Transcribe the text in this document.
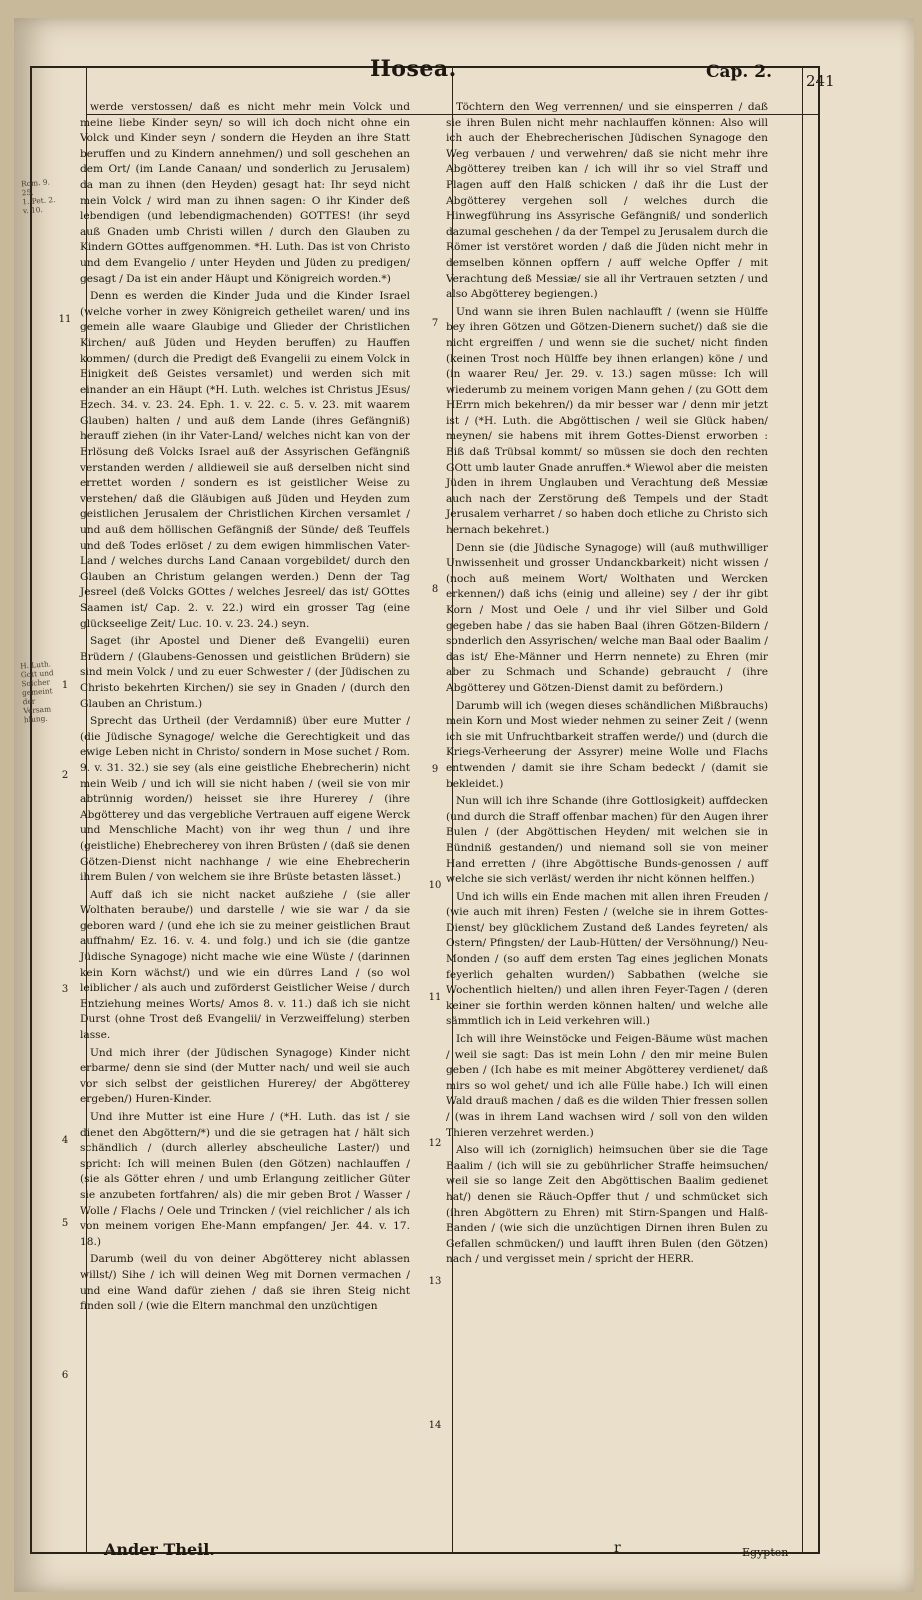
Hosea.	Cap. 2. 241
Rom. 9.
25.
1. Pet. 2. v. 10.
H. Luth.
Gott und
Solcher
gemeint der
Versam
hlung.
11
1
2
3
4
5
6

werde verstossen/ daß es nicht mehr mein Volck und meine liebe Kinder seyn/ so will ich doch nicht ohne ein Volck und Kinder seyn / sondern die Heyden an ihre Statt beruffen und zu Kindern annehmen/) und soll geschehen an dem Ort/ (im Lande Canaan/ und sonderlich zu Jerusalem) da man zu ihnen (den Heyden) gesagt hat: Ihr seyd nicht mein Volck / wird man zu ihnen sagen: O ihr Kinder deß lebendigen (und lebendigmachenden) GOTTES! (ihr seyd auß Gnaden umb Christi willen / durch den Glauben zu Kindern GOttes auffgenommen. *H. Luth. Das ist von Christo und dem Evangelio / unter Heyden und Jüden zu predigen/ gesagt / Da ist ein ander Häupt und Königreich worden.*)

Denn es werden die Kinder Juda und die Kinder Israel (welche vorher in zwey Königreich getheilet waren/ und ins gemein alle waare Glaubige und Glieder der Christlichen Kirchen/ auß Jüden und Heyden beruffen) zu Hauffen kommen/ (durch die Predigt deß Evangelii zu einem Volck in Einigkeit deß Geistes versamlet) und werden sich mit einander an ein Häupt (*H. Luth. welches ist Christus JEsus/ Ezech. 34. v. 23. 24. Eph. 1. v. 22. c. 5. v. 23. mit waarem Glauben) halten / und auß dem Lande (ihres Gefängniß) herauff ziehen (in ihr Vater-Land/ welches nicht kan von der Erlösung deß Volcks Israel auß der Assyrischen Gefängniß verstanden werden / alldieweil sie auß derselben nicht sind errettet worden / sondern es ist geistlicher Weise zu verstehen/ daß die Gläubigen auß Jüden und Heyden zum geistlichen Jerusalem der Christlichen Kirchen versamlet / und auß dem höllischen Gefängniß der Sünde/ deß Teuffels und deß Todes erlöset / zu dem ewigen himmlischen Vater-Land / welches durchs Land Canaan vorgebildet/ durch den Glauben an Christum gelangen werden.) Denn der Tag Jesreel (deß Volcks GOttes / welches Jesreel/ das ist/ GOttes Saamen ist/ Cap. 2. v. 22.) wird ein grosser Tag (eine glückseelige Zeit/ Luc. 10. v. 23. 24.) seyn.

Saget (ihr Apostel und Diener deß Evangelii) euren Brüdern / (Glaubens-Genossen und geistlichen Brüdern) sie sind mein Volck / und zu euer Schwester / (der Jüdischen zu Christo bekehrten Kirchen/) sie sey in Gnaden / (durch den Glauben an Christum.)

Sprecht das Urtheil (der Verdamniß) über eure Mutter / (die Jüdische Synagoge/ welche die Gerechtigkeit und das ewige Leben nicht in Christo/ sondern in Mose suchet / Rom. 9. v. 31. 32.) sie sey (als eine geistliche Ehebrecherin) nicht mein Weib / und ich will sie nicht haben / (weil sie von mir abtrünnig worden/) heisset sie ihre Hurerey / (ihre Abgötterey und das vergebliche Vertrauen auff eigene Werck und Menschliche Macht) von ihr weg thun / und ihre (geistliche) Ehebrecherey von ihren Brüsten / (daß sie denen Götzen-Dienst nicht nachhange / wie eine Ehebrecherin ihrem Bulen / von welchem sie ihre Brüste betasten lässet.)

Auff daß ich sie nicht nacket außziehe / (sie aller Wolthaten beraube/) und darstelle / wie sie war / da sie geboren ward / (und ehe ich sie zu meiner geistlichen Braut auffnahm/ Ez. 16. v. 4. und folg.) und ich sie (die gantze Jüdische Synagoge) nicht mache wie eine Wüste / (darinnen kein Korn wächst/) und wie ein dürres Land / (so wol leiblicher / als auch und zuförderst Geistlicher Weise / durch Entziehung meines Worts/ Amos 8. v. 11.) daß ich sie nicht Durst (ohne Trost deß Evangelii/ in Verzweiffelung) sterben lasse.

Und mich ihrer (der Jüdischen Synagoge) Kinder nicht erbarme/ denn sie sind (der Mutter nach/ und weil sie auch vor sich selbst der geistlichen Hurerey/ der Abgötterey ergeben/) Huren-Kinder.

Und ihre Mutter ist eine Hure / (*H. Luth. das ist / sie dienet den Abgöttern/*) und die sie getragen hat / hält sich schändlich / (durch allerley abscheuliche Laster/) und spricht: Ich will meinen Bulen (den Götzen) nachlauffen / (sie als Götter ehren / und umb Erlangung zeitlicher Güter sie anzubeten fortfahren/ als) die mir geben Brot / Wasser / Wolle / Flachs / Oele und Trincken / (viel reichlicher / als ich von meinem vorigen Ehe-Mann empfangen/ Jer. 44. v. 17. 18.)

Darumb (weil du von deiner Abgötterey nicht ablassen willst/) Sihe / ich will deinen Weg mit Dornen vermachen / und eine Wand dafür ziehen / daß sie ihren Steig nicht finden soll / (wie die Eltern manchmal den unzüchtigen

7
8
9
10
11
12
13
14

Töchtern den Weg verrennen/ und sie einsperren / daß sie ihren Bulen nicht mehr nachlauffen können: Also will ich auch der Ehebrecherischen Jüdischen Synagoge den Weg verbauen / und verwehren/ daß sie nicht mehr ihre Abgötterey treiben kan / ich will ihr so viel Straff und Plagen auff den Halß schicken / daß ihr die Lust der Abgötterey vergehen soll / welches durch die Hinwegführung ins Assyrische Gefängniß/ und sonderlich dazumal geschehen / da der Tempel zu Jerusalem durch die Römer ist verstöret worden / daß die Jüden nicht mehr in demselben können opffern / auff welche Opffer / mit Verachtung deß Messiæ/ sie all ihr Vertrauen setzten / und also Abgötterey begiengen.)

Und wann sie ihren Bulen nachlaufft / (wenn sie Hülffe bey ihren Götzen und Götzen-Dienern suchet/) daß sie die nicht ergreiffen / und wenn sie die suchet/ nicht finden (keinen Trost noch Hülffe bey ihnen erlangen) köne / und (in waarer Reu/ Jer. 29. v. 13.) sagen müsse: Ich will wiederumb zu meinem vorigen Mann gehen / (zu GOtt dem HErrn mich bekehren/) da mir besser war / denn mir jetzt ist / (*H. Luth. die Abgöttischen / weil sie Glück haben/ meynen/ sie habens mit ihrem Gottes-Dienst erworben : Biß daß Trübsal kommt/ so müssen sie doch den rechten GOtt umb lauter Gnade anruffen.* Wiewol aber die meisten Jüden in ihrem Unglauben und Verachtung deß Messiæ auch nach der Zerstörung deß Tempels und der Stadt Jerusalem verharret / so haben doch etliche zu Christo sich hernach bekehret.)

Denn sie (die Jüdische Synagoge) will (auß muthwilliger Unwissenheit und grosser Undanckbarkeit) nicht wissen / (noch auß meinem Wort/ Wolthaten und Wercken erkennen/) daß ichs (einig und alleine) sey / der ihr gibt Korn / Most und Oele / und ihr viel Silber und Gold gegeben habe / das sie haben Baal (ihren Götzen-Bildern / sonderlich den Assyrischen/ welche man Baal oder Baalim / das ist/ Ehe-Männer und Herrn nennete) zu Ehren (mir aber zu Schmach und Schande) gebraucht / (ihre Abgötterey und Götzen-Dienst damit zu befördern.)

Darumb will ich (wegen dieses schändlichen Mißbrauchs) mein Korn und Most wieder nehmen zu seiner Zeit / (wenn ich sie mit Unfruchtbarkeit straffen werde/) und (durch die Kriegs-Verheerung der Assyrer) meine Wolle und Flachs entwenden / damit sie ihre Scham bedeckt / (damit sie bekleidet.)

Nun will ich ihre Schande (ihre Gottlosigkeit) auffdecken (und durch die Straff offenbar machen) für den Augen ihrer Bulen / (der Abgöttischen Heyden/ mit welchen sie in Bündniß gestanden/) und niemand soll sie von meiner Hand erretten / (ihre Abgöttische Bunds-genossen / auff welche sie sich verläst/ werden ihr nicht können helffen.)

Und ich wills ein Ende machen mit allen ihren Freuden / (wie auch mit ihren) Festen / (welche sie in ihrem Gottes-Dienst/ bey glücklichem Zustand deß Landes feyreten/ als Ostern/ Pfingsten/ der Laub-Hütten/ der Versöhnung/) Neu-Monden / (so auff dem ersten Tag eines jeglichen Monats feyerlich gehalten wurden/) Sabbathen (welche sie Wochentlich hielten/) und allen ihren Feyer-Tagen / (deren keiner sie forthin werden können halten/ und welche alle sämmtlich ich in Leid verkehren will.)

Ich will ihre Weinstöcke und Feigen-Bäume wüst machen / weil sie sagt: Das ist mein Lohn / den mir meine Bulen geben / (Ich habe es mit meiner Abgötterey verdienet/ daß mirs so wol gehet/ und ich alle Fülle habe.) Ich will einen Wald drauß machen / daß es die wilden Thier fressen sollen / (was in ihrem Land wachsen wird / soll von den wilden Thieren verzehret werden.)

Also will ich (zorniglich) heimsuchen über sie die Tage Baalim / (ich will sie zu gebührlicher Straffe heimsuchen/ weil sie so lange Zeit den Abgöttischen Baalim gedienet hat/) denen sie Räuch-Opffer thut / und schmücket sich (ihren Abgöttern zu Ehren) mit Stirn-Spangen und Halß-Banden / (wie sich die unzüchtigen Dirnen ihren Bulen zu Gefallen schmücken/) und laufft ihren Bulen (den Götzen) nach / und vergisset mein / spricht der HERR.

Ander Theil.	r	Egypten
